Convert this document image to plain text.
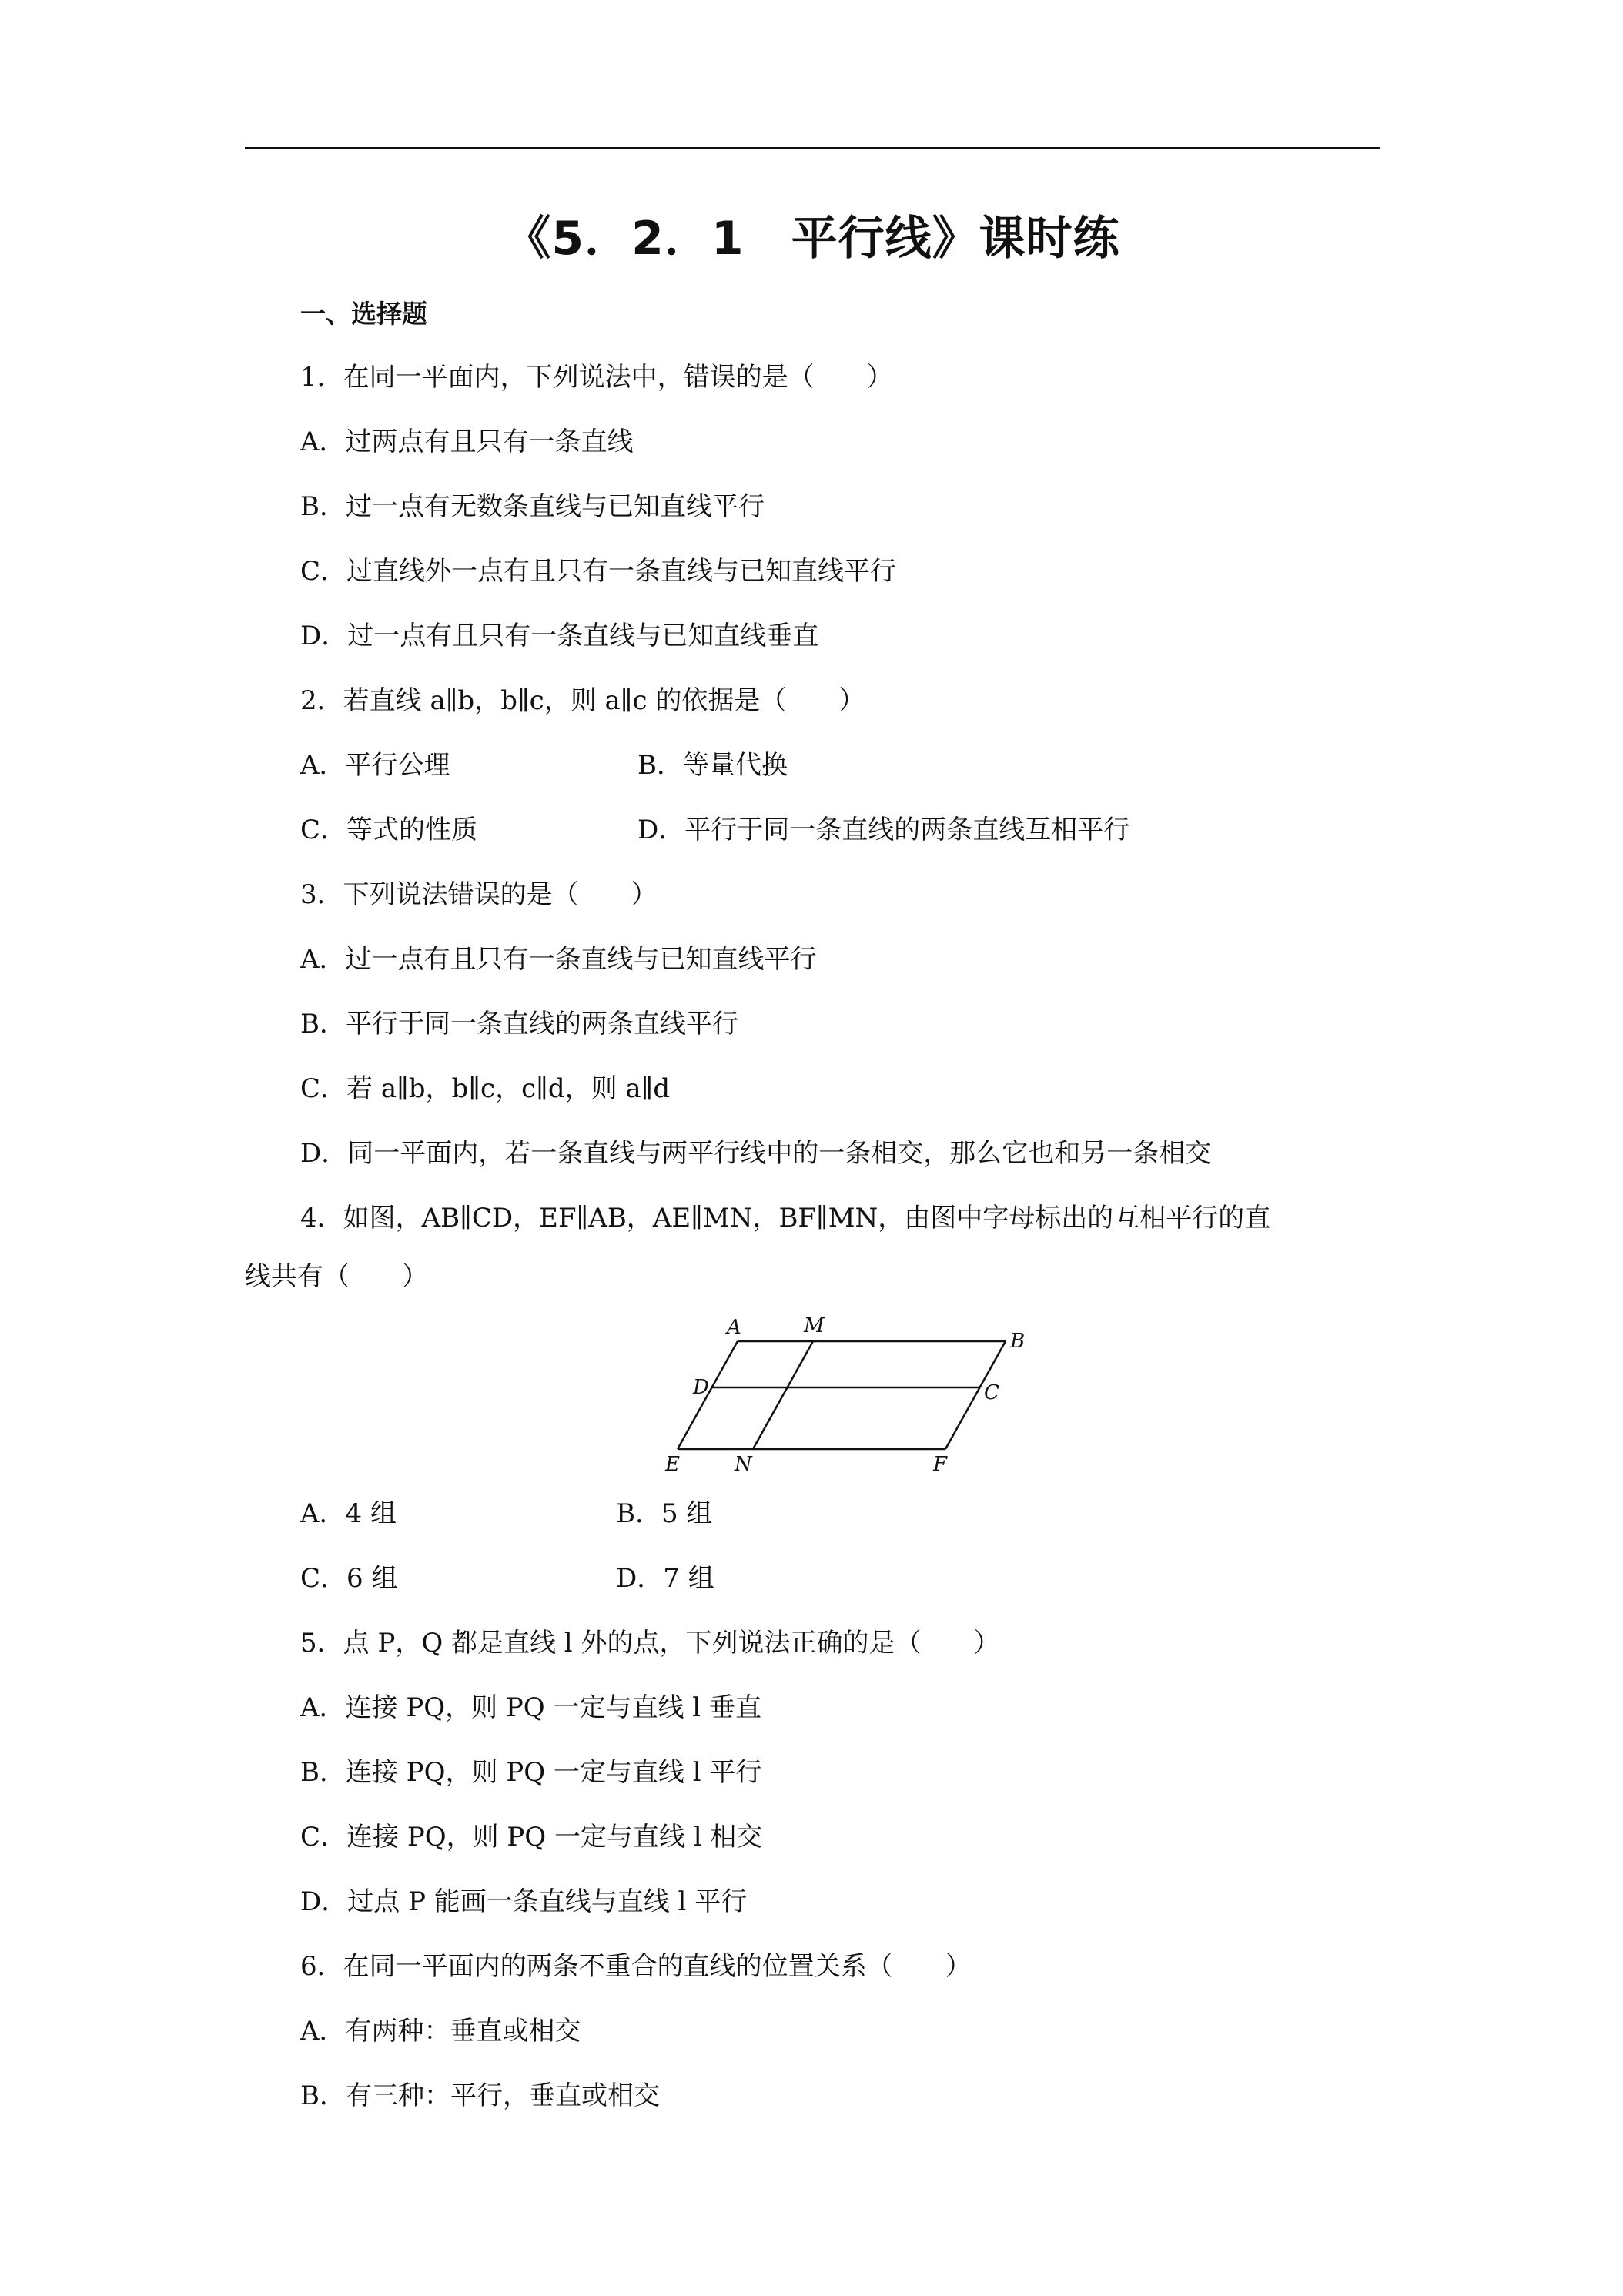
《5．2．1　平行线》课时练
一、选择题
1．在同一平面内，下列说法中，错误的是（　　）
A．过两点有且只有一条直线
B．过一点有无数条直线与已知直线平行
C．过直线外一点有且只有一条直线与已知直线平行
D．过一点有且只有一条直线与已知直线垂直
2．若直线 a∥b，b∥c，则 a∥c 的依据是（　　）
A．平行公理	B．等量代换
C．等式的性质	D．平行于同一条直线的两条直线互相平行
3．下列说法错误的是（　　）
A．过一点有且只有一条直线与已知直线平行
B．平行于同一条直线的两条直线平行
C．若 a∥b，b∥c，c∥d，则 a∥d
D．同一平面内，若一条直线与两平行线中的一条相交，那么它也和另一条相交
4．如图，AB∥CD，EF∥AB，AE∥MN，BF∥MN，由图中字母标出的互相平行的直
线共有（　　）
A	M
B
D	C
E	N	F
A．4 组	B．5 组
C．6 组	D．7 组
5．点 P，Q 都是直线 l 外的点，下列说法正确的是（　　）
A．连接 PQ，则 PQ 一定与直线 l 垂直
B．连接 PQ，则 PQ 一定与直线 l 平行
C．连接 PQ，则 PQ 一定与直线 l 相交
D．过点 P 能画一条直线与直线 l 平行
6．在同一平面内的两条不重合的直线的位置关系（　　）
A．有两种：垂直或相交
B．有三种：平行，垂直或相交
